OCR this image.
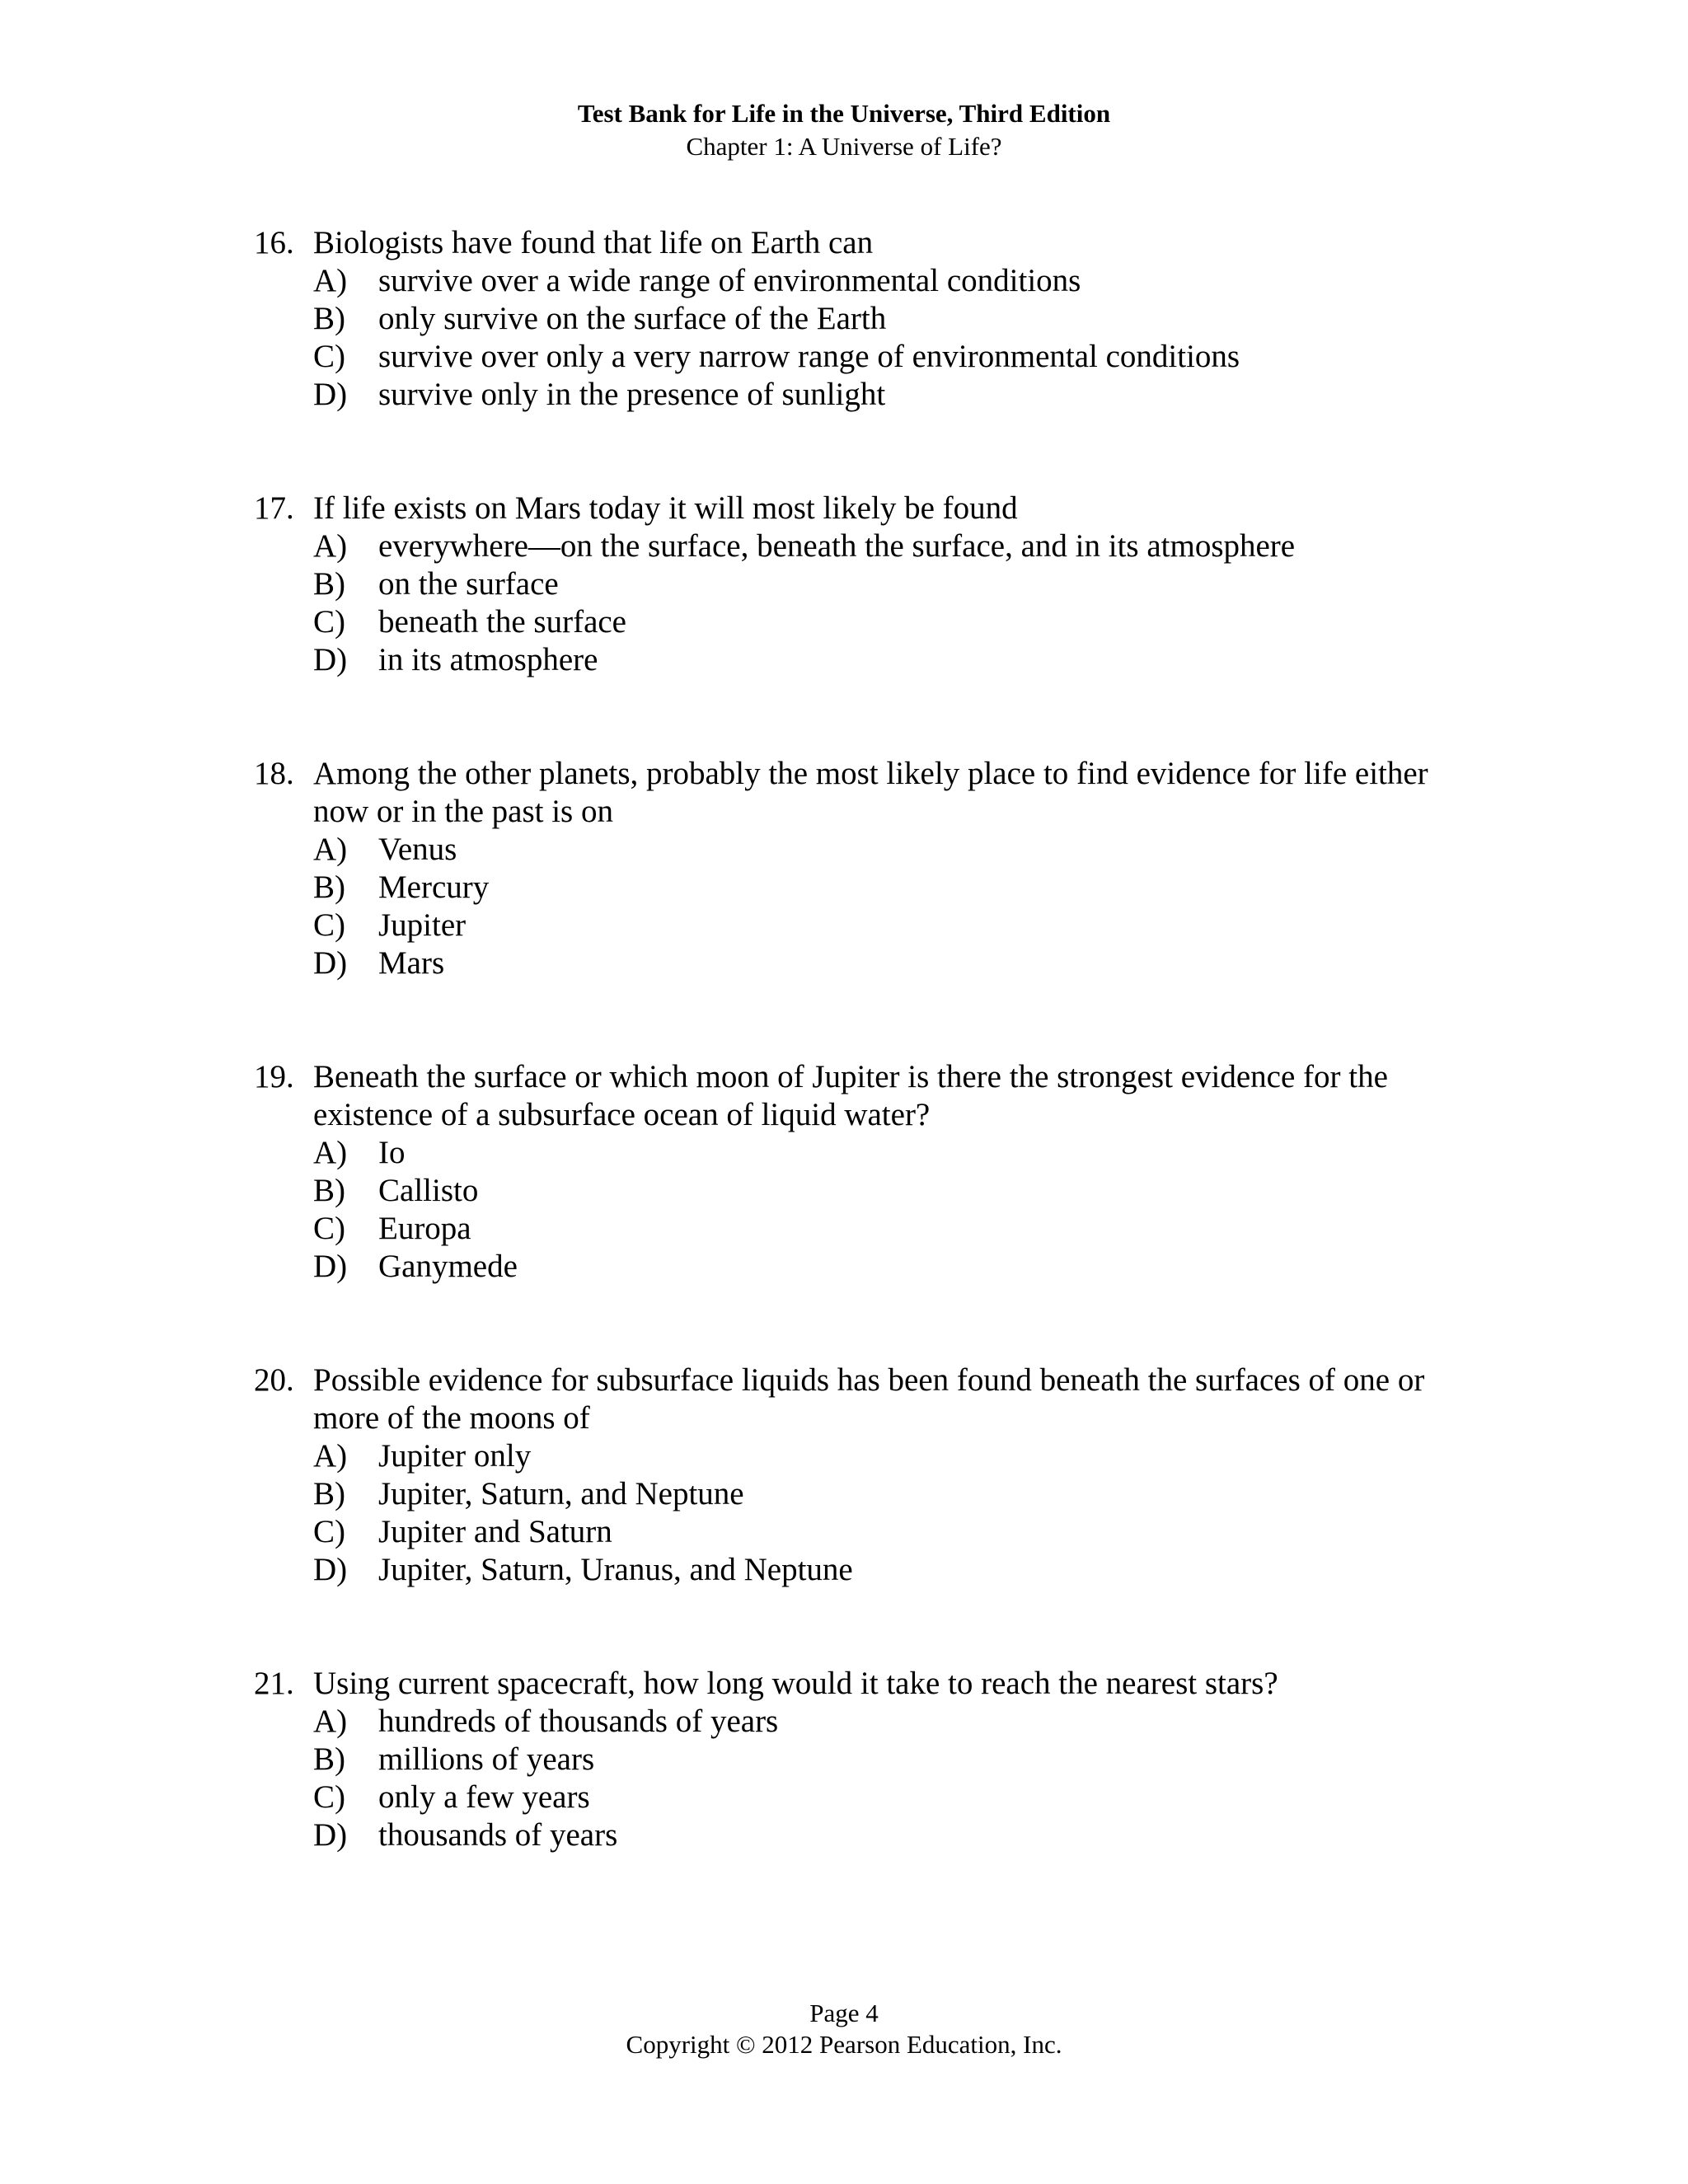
Test Bank for Life in the Universe, Third Edition
Chapter 1: A Universe of Life?
16. Biologists have found that life on Earth can
A) survive over a wide range of environmental conditions
B)	only survive on the surface of the Earth
C)	survive over only a very narrow range of environmental conditions
D) survive only in the presence of sunlight
17. If life exists on Mars today it will most likely be found
A) everywhere—on the surface, beneath the surface, and in its atmosphere
B)	on the surface
C)	beneath the surface
D) in its atmosphere
18. Among the other planets, probably the most likely place to find evidence for life either now or in the past is on
A) Venus
B)	Mercury
C)	Jupiter
D) Mars
19. Beneath the surface or which moon of Jupiter is there the strongest evidence for the existence of a subsurface ocean of liquid water?
A) Io
B)	Callisto
C)	Europa
D) Ganymede
20. Possible evidence for subsurface liquids has been found beneath the surfaces of one or more of the moons of
A) Jupiter only
B)	Jupiter, Saturn, and Neptune
C)	Jupiter and Saturn
D) Jupiter, Saturn, Uranus, and Neptune
21. Using current spacecraft, how long would it take to reach the nearest stars?
A) hundreds of thousands of years
B)	millions of years
C)	only a few years
D) thousands of years
Page 4
Copyright © 2012 Pearson Education, Inc.
